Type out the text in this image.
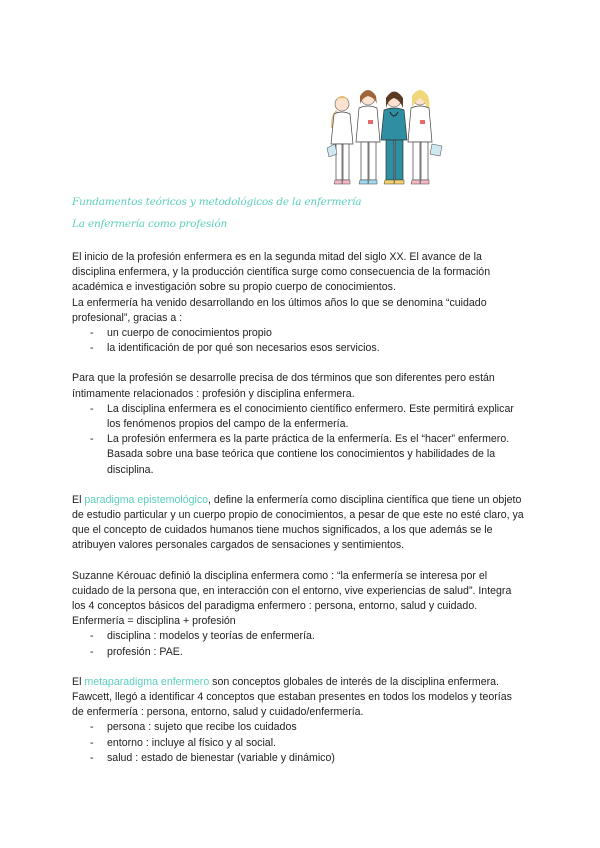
Fundamentos teóricos y metodológicos de la enfermería
La enfermería como profesión

El inicio de la profesión enfermera es en la segunda mitad del siglo XX. El avance de la disciplina enfermera, y la producción científica surge como consecuencia de la formación académica e investigación sobre su propio cuerpo de conocimientos.

La enfermería ha venido desarrollando en los últimos años lo que se denomina “cuidado profesional”, gracias a :

- un cuerpo de conocimientos propio
- la identificación de por qué son necesarios esos servicios.

Para que la profesión se desarrolle precisa de dos términos que son diferentes pero están íntimamente relacionados : profesión y disciplina enfermera.

- La disciplina enfermera es el conocimiento científico enfermero. Este permitirá explicar los fenómenos propios del campo de la enfermería.
- La profesión enfermera es la parte práctica de la enfermería. Es el “hacer” enfermero. Basada sobre una base teórica que contiene los conocimientos y habilidades de la disciplina.

El paradigma epistemológico, define la enfermería como disciplina científica que tiene un objeto de estudio particular y un cuerpo propio de conocimientos, a pesar de que este no esté claro, ya que el concepto de cuidados humanos tiene muchos significados, a los que además se le atribuyen valores personales cargados de sensaciones y sentimientos.

Suzanne Kérouac definió la disciplina enfermera como : “la enfermería se interesa por el cuidado de la persona que, en interacción con el entorno, vive experiencias de salud”. Integra los 4 conceptos básicos del paradigma enfermero : persona, entorno, salud y cuidado.

Enfermería = disciplina + profesión

- disciplina : modelos y teorías de enfermería.
- profesión : PAE.

El metaparadigma enfermero son conceptos globales de interés de la disciplina enfermera.

Fawcett, llegó a identificar 4 conceptos que estaban presentes en todos los modelos y teorías de enfermería : persona, entorno, salud y cuidado/enfermería.

- persona : sujeto que recibe los cuidados
- entorno : incluye al físico y al social.
- salud : estado de bienestar (variable y dinámico)
